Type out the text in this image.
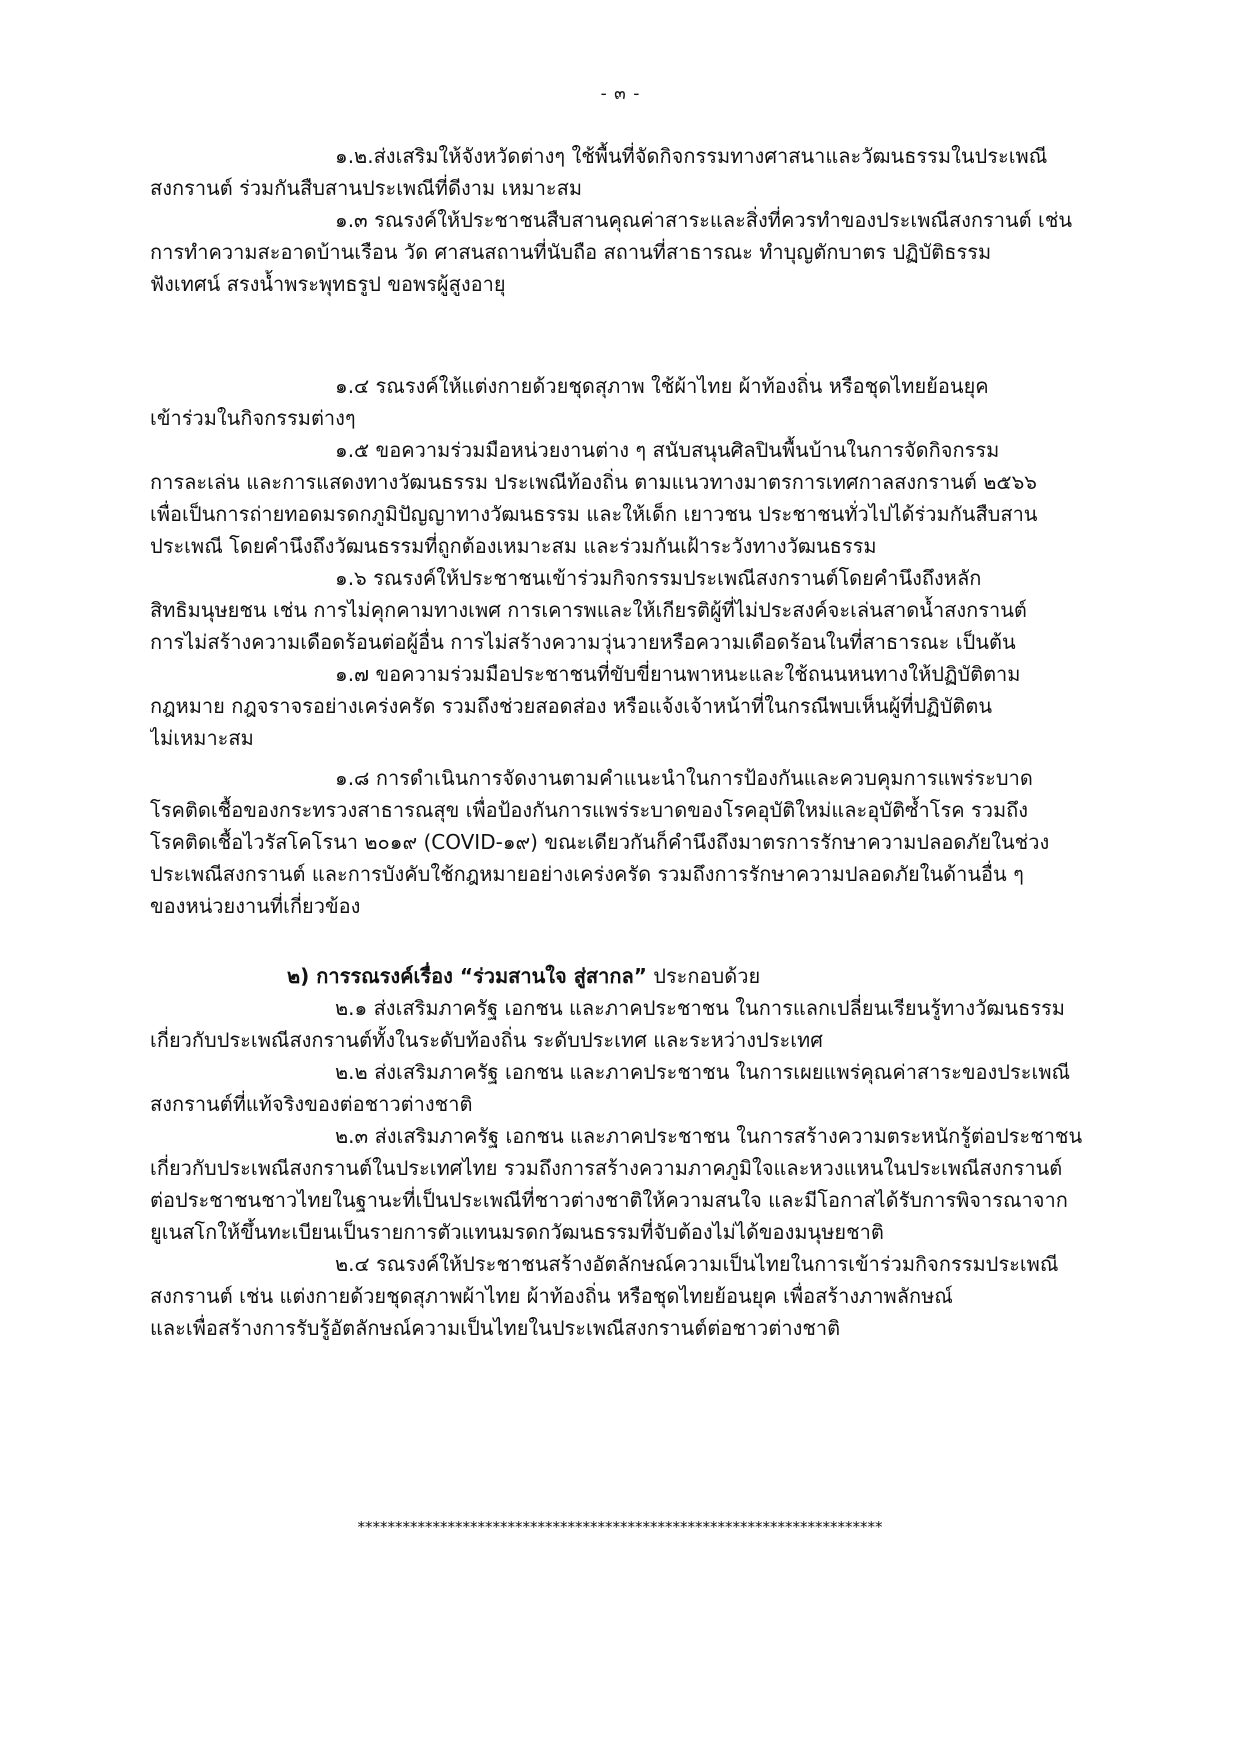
- ๓ -
๑.๒.ส่งเสริมให้จังหวัดต่างๆ ใช้พื้นที่จัดกิจกรรมทางศาสนาและวัฒนธรรมในประเพณี
สงกรานต์ ร่วมกันสืบสานประเพณีที่ดีงาม เหมาะสม
๑.๓ รณรงค์ให้ประชาชนสืบสานคุณค่าสาระและสิ่งที่ควรทำของประเพณีสงกรานต์ เช่น
การทำความสะอาดบ้านเรือน วัด ศาสนสถานที่นับถือ สถานที่สาธารณะ ทำบุญตักบาตร ปฏิบัติธรรม
ฟังเทศน์ สรงน้ำพระพุทธรูป ขอพรผู้สูงอายุ
๑.๔ รณรงค์ให้แต่งกายด้วยชุดสุภาพ ใช้ผ้าไทย ผ้าท้องถิ่น หรือชุดไทยย้อนยุค
เข้าร่วมในกิจกรรมต่างๆ
๑.๕ ขอความร่วมมือหน่วยงานต่าง ๆ สนับสนุนศิลปินพื้นบ้านในการจัดกิจกรรม
การละเล่น และการแสดงทางวัฒนธรรม ประเพณีท้องถิ่น ตามแนวทางมาตรการเทศกาลสงกรานต์ ๒๕๖๖
เพื่อเป็นการถ่ายทอดมรดกภูมิปัญญาทางวัฒนธรรม และให้เด็ก เยาวชน ประชาชนทั่วไปได้ร่วมกันสืบสาน
ประเพณี โดยคำนึงถึงวัฒนธรรมที่ถูกต้องเหมาะสม และร่วมกันเฝ้าระวังทางวัฒนธรรม
๑.๖ รณรงค์ให้ประชาชนเข้าร่วมกิจกรรมประเพณีสงกรานต์โดยคำนึงถึงหลัก
สิทธิมนุษยชน เช่น การไม่คุกคามทางเพศ การเคารพและให้เกียรติผู้ที่ไม่ประสงค์จะเล่นสาดน้ำสงกรานต์
การไม่สร้างความเดือดร้อนต่อผู้อื่น การไม่สร้างความวุ่นวายหรือความเดือดร้อนในที่สาธารณะ เป็นต้น
๑.๗ ขอความร่วมมือประชาชนที่ขับขี่ยานพาหนะและใช้ถนนหนทางให้ปฏิบัติตาม
กฎหมาย กฎจราจรอย่างเคร่งครัด รวมถึงช่วยสอดส่อง หรือแจ้งเจ้าหน้าที่ในกรณีพบเห็นผู้ที่ปฏิบัติตน
ไม่เหมาะสม
๑.๘ การดำเนินการจัดงานตามคำแนะนำในการป้องกันและควบคุมการแพร่ระบาด
โรคติดเชื้อของกระทรวงสาธารณสุข เพื่อป้องกันการแพร่ระบาดของโรคอุบัติใหม่และอุบัติซ้ำโรค รวมถึง
โรคติดเชื้อไวรัสโคโรนา ๒๐๑๙ (COVID-๑๙) ขณะเดียวกันก็คำนึงถึงมาตรการรักษาความปลอดภัยในช่วง
ประเพณีสงกรานต์ และการบังคับใช้กฎหมายอย่างเคร่งครัด รวมถึงการรักษาความปลอดภัยในด้านอื่น ๆ
ของหน่วยงานที่เกี่ยวข้อง
๒) การรณรงค์เรื่อง “ร่วมสานใจ สู่สากล” ประกอบด้วย
๒.๑ ส่งเสริมภาครัฐ เอกชน และภาคประชาชน ในการแลกเปลี่ยนเรียนรู้ทางวัฒนธรรม
เกี่ยวกับประเพณีสงกรานต์ทั้งในระดับท้องถิ่น ระดับประเทศ และระหว่างประเทศ
๒.๒ ส่งเสริมภาครัฐ เอกชน และภาคประชาชน ในการเผยแพร่คุณค่าสาระของประเพณี
สงกรานต์ที่แท้จริงของต่อชาวต่างชาติ
๒.๓ ส่งเสริมภาครัฐ เอกชน และภาคประชาชน ในการสร้างความตระหนักรู้ต่อประชาชน
เกี่ยวกับประเพณีสงกรานต์ในประเทศไทย รวมถึงการสร้างความภาคภูมิใจและหวงแหนในประเพณีสงกรานต์
ต่อประชาชนชาวไทยในฐานะที่เป็นประเพณีที่ชาวต่างชาติให้ความสนใจ และมีโอกาสได้รับการพิจารณาจาก
ยูเนสโกให้ขึ้นทะเบียนเป็นรายการตัวแทนมรดกวัฒนธรรมที่จับต้องไม่ได้ของมนุษยชาติ
๒.๔ รณรงค์ให้ประชาชนสร้างอัตลักษณ์ความเป็นไทยในการเข้าร่วมกิจกรรมประเพณี
สงกรานต์ เช่น แต่งกายด้วยชุดสุภาพผ้าไทย ผ้าท้องถิ่น หรือชุดไทยย้อนยุค เพื่อสร้างภาพลักษณ์
และเพื่อสร้างการรับรู้อัตลักษณ์ความเป็นไทยในประเพณีสงกรานต์ต่อชาวต่างชาติ
**********************************************************************
